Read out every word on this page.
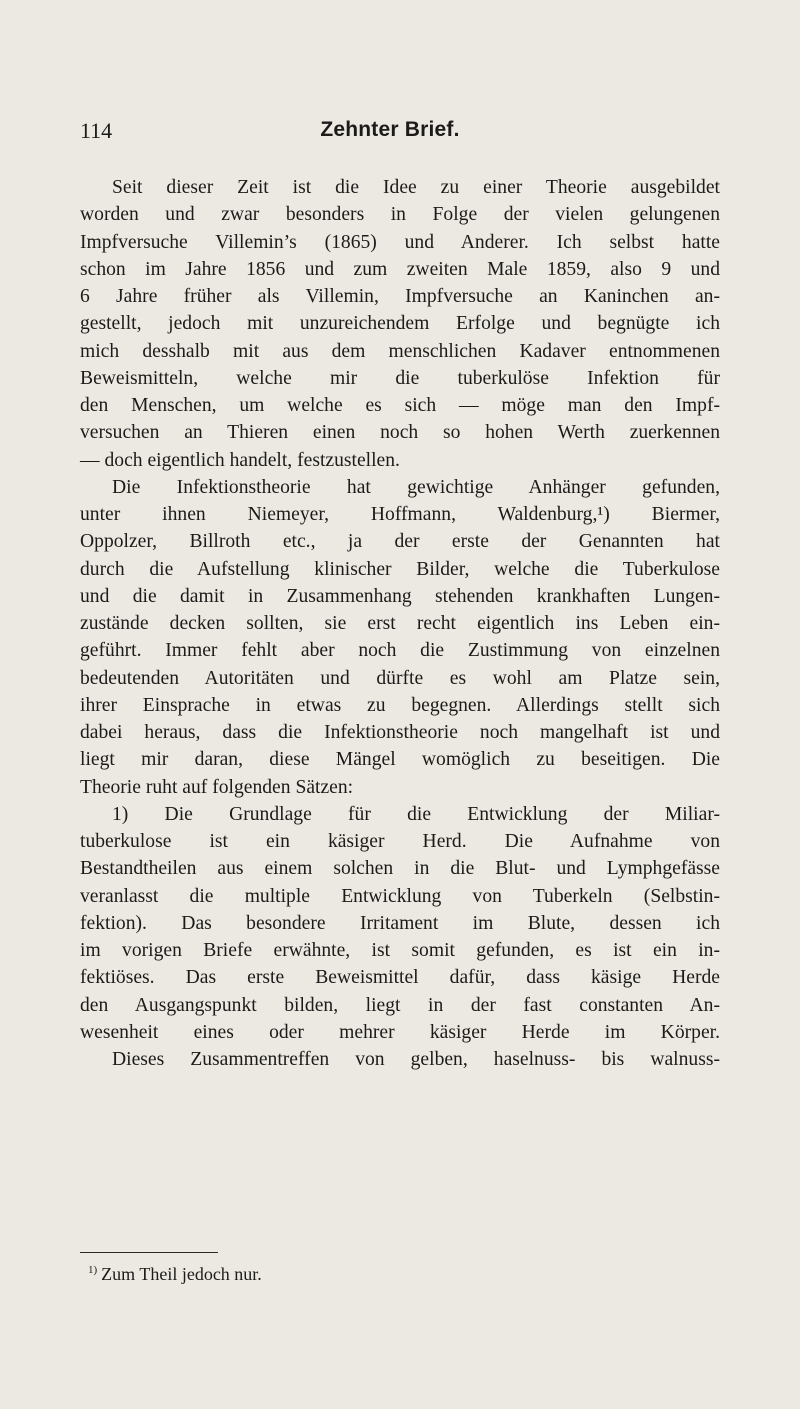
114	Zehnter Brief.
Seit dieser Zeit ist die Idee zu einer Theorie ausgebildet
worden und zwar besonders in Folge der vielen gelungenen
Impfversuche Villemin’s (1865) und Anderer. Ich selbst hatte
schon im Jahre 1856 und zum zweiten Male 1859, also 9 und
6 Jahre früher als Villemin, Impfversuche an Kaninchen an-
gestellt, jedoch mit unzureichendem Erfolge und begnügte ich
mich desshalb mit aus dem menschlichen Kadaver entnommenen
Beweismitteln, welche mir die tuberkulöse Infektion für
den Menschen, um welche es sich — möge man den Impf-
versuchen an Thieren einen noch so hohen Werth zuerkennen
— doch eigentlich handelt, festzustellen.
Die Infektionstheorie hat gewichtige Anhänger gefunden,
unter ihnen Niemeyer, Hoffmann, Waldenburg,¹) Biermer,
Oppolzer, Billroth etc., ja der erste der Genannten hat
durch die Aufstellung klinischer Bilder, welche die Tuberkulose
und die damit in Zusammenhang stehenden krankhaften Lungen-
zustände decken sollten, sie erst recht eigentlich ins Leben ein-
geführt. Immer fehlt aber noch die Zustimmung von einzelnen
bedeutenden Autoritäten und dürfte es wohl am Platze sein,
ihrer Einsprache in etwas zu begegnen. Allerdings stellt sich
dabei heraus, dass die Infektionstheorie noch mangelhaft ist und
liegt mir daran, diese Mängel womöglich zu beseitigen. Die
Theorie ruht auf folgenden Sätzen:
1) Die Grundlage für die Entwicklung der Miliar-
tuberkulose ist ein käsiger Herd. Die Aufnahme von
Bestandtheilen aus einem solchen in die Blut- und Lymphgefässe
veranlasst die multiple Entwicklung von Tuberkeln (Selbstin-
fektion). Das besondere Irritament im Blute, dessen ich
im vorigen Briefe erwähnte, ist somit gefunden, es ist ein in-
fektiöses. Das erste Beweismittel dafür, dass käsige Herde
den Ausgangspunkt bilden, liegt in der fast constanten An-
wesenheit eines oder mehrer käsiger Herde im Körper.
Dieses Zusammentreffen von gelben, haselnuss- bis walnuss-
$^{1)}$ Zum Theil jedoch nur.
